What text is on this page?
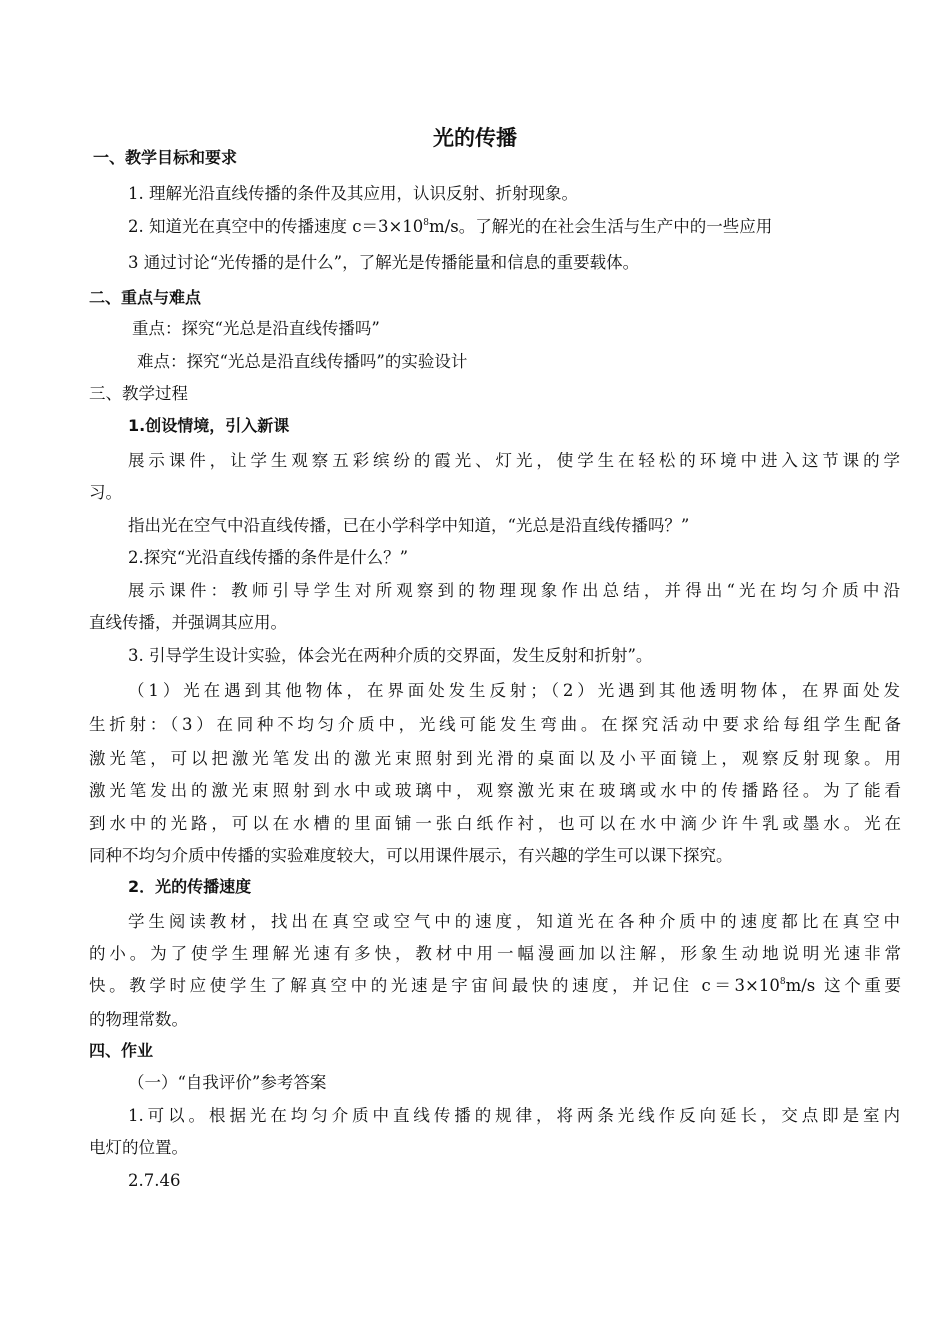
光的传播
一、教学目标和要求
1. 理解光沿直线传播的条件及其应用，认识反射、折射现象。
2. 知道光在真空中的传播速度 $c=3\times 10^8m/s$。了解光的在社会生活与生产中的一些应用
3 通过讨论“光传播的是什么”，了解光是传播能量和信息的重要载体。
二、重点与难点
重点：探究“光总是沿直线传播吗”
难点：探究“光总是沿直线传播吗”的实验设计
三、教学过程
1.创设情境，引入新课
展示课件，让学生观察五彩缤纷的霞光、灯光，使学生在轻松的环境中进入这节课的学
习。
指出光在空气中沿直线传播，已在小学科学中知道，“光总是沿直线传播吗？”
2.探究“光沿直线传播的条件是什么？”
展示课件：教师引导学生对所观察到的物理现象作出总结，并得出“光在均匀介质中沿
直线传播，并强调其应用。
3. 引导学生设计实验，体会光在两种介质的交界面，发生反射和折射”。
（1）光在遇到其他物体，在界面处发生反射；（2）光遇到其他透明物体，在界面处发
生折射：（3）在同种不均匀介质中，光线可能发生弯曲。在探究活动中要求给每组学生配备
激光笔，可以把激光笔发出的激光束照射到光滑的桌面以及小平面镜上，观察反射现象。用
激光笔发出的激光束照射到水中或玻璃中，观察激光束在玻璃或水中的传播路径。为了能看
到水中的光路，可以在水槽的里面铺一张白纸作衬，也可以在水中滴少许牛乳或墨水。光在
同种不均匀介质中传播的实验难度较大，可以用课件展示，有兴趣的学生可以课下探究。
2．光的传播速度
学生阅读教材，找出在真空或空气中的速度，知道光在各种介质中的速度都比在真空中
的小。为了使学生理解光速有多快，教材中用一幅漫画加以注解，形象生动地说明光速非常
快。教学时应使学生了解真空中的光速是宇宙间最快的速度，并记住 $c=3\times 10^8m/s$ 这个重要
的物理常数。
四、作业
（一）“自我评价”参考答案
1.可以。根据光在均匀介质中直线传播的规律，将两条光线作反向延长，交点即是室内
电灯的位置。
2.7.46
